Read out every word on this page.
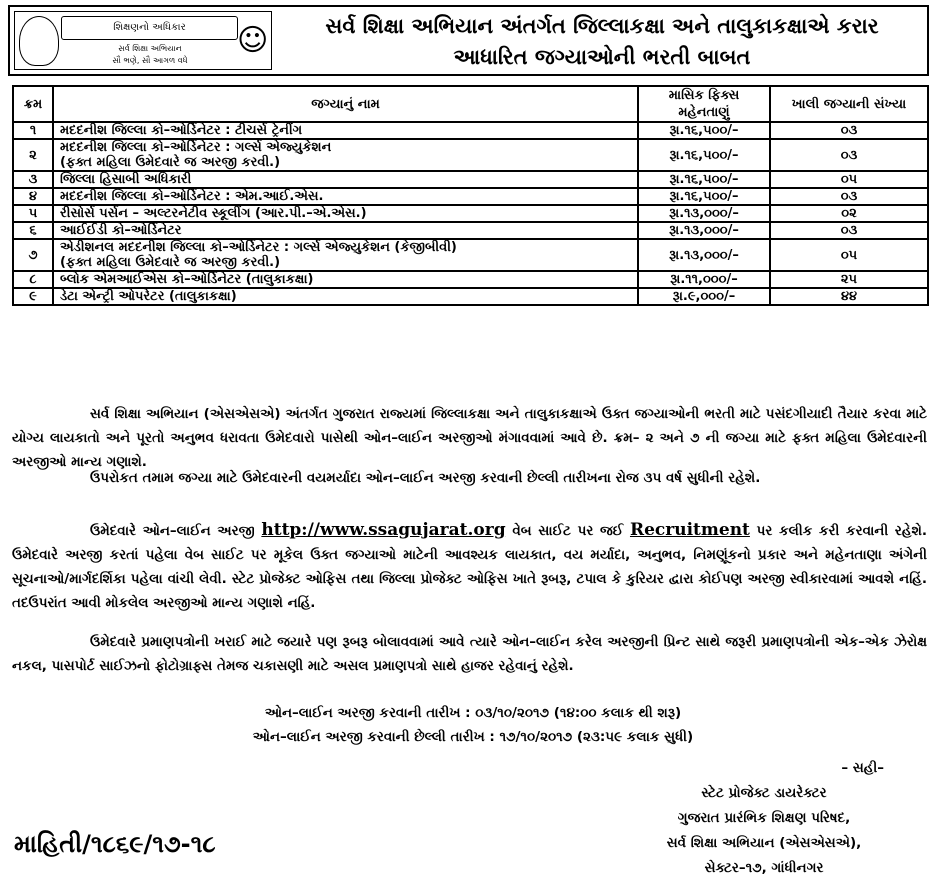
શિક્ષણનો અધિકાર	☺
સર્વ શિક્ષા અભિયાન
સૌ ભણે, સૌ આગળ વધે
સર્વ શિક્ષા અભિયાન અંતર્ગત જિલ્લાકક્ષા અને તાલુકાકક્ષાએ કરાર
આધારિત જગ્યાઓની ભરતી બાબત
ક્રમ	જગ્યાનું નામ	માસિક ફિક્સ મહેનતાણું	ખાલી જગ્યાની સંખ્યા
૧	મદદનીશ જિલ્લા કો–ઓર્ડિનેટર : ટીચર્સ ટ્રેનીંગ	રૂા.૧૬,૫૦૦/–	૦૩
૨	મદદનીશ જિલ્લા કો–ઓર્ડિનેટર : ગર્લ્સ એજ્યુકેશન
(ફક્ત મહિલા ઉમેદવારે જ અરજી કરવી.)	રૂા.૧૬,૫૦૦/–	૦૩
૩	જિલ્લા હિસાબી અધિકારી	રૂા.૧૬,૫૦૦/–	૦૫
૪	મદદનીશ જિલ્લા કો–ઓર્ડિનેટર : એમ.આઈ.એસ.	રૂા.૧૬,૫૦૦/–	૦૩
૫	રીસોર્સ પર્સન – અલ્ટરનેટીવ સ્કૂલીંગ (આર.પી.–એ.એસ.)	રૂા.૧૩,૦૦૦/–	૦૨
૬	આઈઈડી કો–ઓર્ડિનેટર	રૂા.૧૩,૦૦૦/–	૦૩
૭	એડીશનલ મદદનીશ જિલ્લા કો–ઓર્ડિનેટર : ગર્લ્સ એજ્યુકેશન (કેજીબીવી)
(ફક્ત મહિલા ઉમેદવારે જ અરજી કરવી.)	રૂા.૧૩,૦૦૦/–	૦૫
૮	બ્લોક એમઆઈએસ કો–ઓર્ડિનેટર (તાલુકાકક્ષા)	રૂા.૧૧,૦૦૦/–	૨૫
૯	ડેટા એન્ટ્રી ઓપરેટર (તાલુકાકક્ષા)	રૂા.૯,૦૦૦/–	૪૪
સર્વ શિક્ષા અભિયાન (એસએસએ) અંતર્ગત ગુજરાત રાજ્યમાં જિલ્લાકક્ષા અને તાલુકાકક્ષાએ ઉક્ત જગ્યાઓની ભરતી માટે પસંદગીયાદી તૈયાર કરવા માટે યોગ્ય લાયકાતો અને પૂરતો અનુભવ ધરાવતા ઉમેદવારો પાસેથી ઓન–લાઈન અરજીઓ મંગાવવામાં આવે છે. ક્રમ– ૨ અને ૭ ની જગ્યા માટે ફક્ત મહિલા ઉમેદવારની અરજીઓ માન્ય ગણાશે.
ઉપરોકત તમામ જગ્યા માટે ઉમેદવારની વયમર્યાદા ઓન–લાઈન અરજી કરવાની છેલ્લી તારીખના રોજ ૩૫ વર્ષ સુધીની રહેશે.
ઉમેદવારે ઓન–લાઈન અરજી http://www.ssagujarat.org વેબ સાઈટ પર જઈ Recruitment પર કલીક કરી કરવાની રહેશે. ઉમેદવારે અરજી કરતાં પહેલા વેબ સાઈટ પર મૂકેલ ઉક્ત જગ્યાઓ માટેની આવશ્યક લાયકાત, વય મર્યાદા, અનુભવ, નિમણૂંકનો પ્રકાર અને મહેનતાણા અંગેની સૂચનાઓ/માર્ગદર્શિકા પહેલા વાંચી લેવી. સ્ટેટ પ્રોજેક્ટ ઓફિસ તથા જિલ્લા પ્રોજેક્ટ ઓફિસ ખાતે રૂબરૂ, ટપાલ કે કુરિયર દ્વારા કોઈપણ અરજી સ્વીકારવામાં આવશે નહિં. તદઉપરાંત આવી મોકલેલ અરજીઓ માન્ય ગણાશે નહિં.
ઉમેદવારે પ્રમાણપત્રોની ખરાઈ માટે જયારે પણ રૂબરૂ બોલાવવામાં આવે ત્યારે ઓન–લાઈન કરેલ અરજીની પ્રિન્ટ સાથે જરૂરી પ્રમાણપત્રોની એક–એક ઝેરોક્ષ નકલ, પાસપોર્ટ સાઈઝનો ફોટોગ્રાફ્સ તેમજ ચકાસણી માટે અસલ પ્રમાણપત્રો સાથે હાજર રહેવાનું રહેશે.
ઓન–લાઈન અરજી કરવાની તારીખ : ૦૩/૧૦/૨૦૧૭ (૧૪:૦૦ કલાક થી શરૂ)
ઓન–લાઈન અરજી કરવાની છેલ્લી તારીખ : ૧૭/૧૦/૨૦૧૭ (૨૩:૫૯ કલાક સુધી)
– સહી–
સ્ટેટ પ્રોજેક્ટ ડાયરેક્ટર
ગુજરાત પ્રારંભિક શિક્ષણ પરિષદ,
સર્વ શિક્ષા અભિયાન (એસએસએ),
સેક્ટર–૧૭, ગાંધીનગર
માહિતી/૧૮૬૯/૧૭-૧૮
